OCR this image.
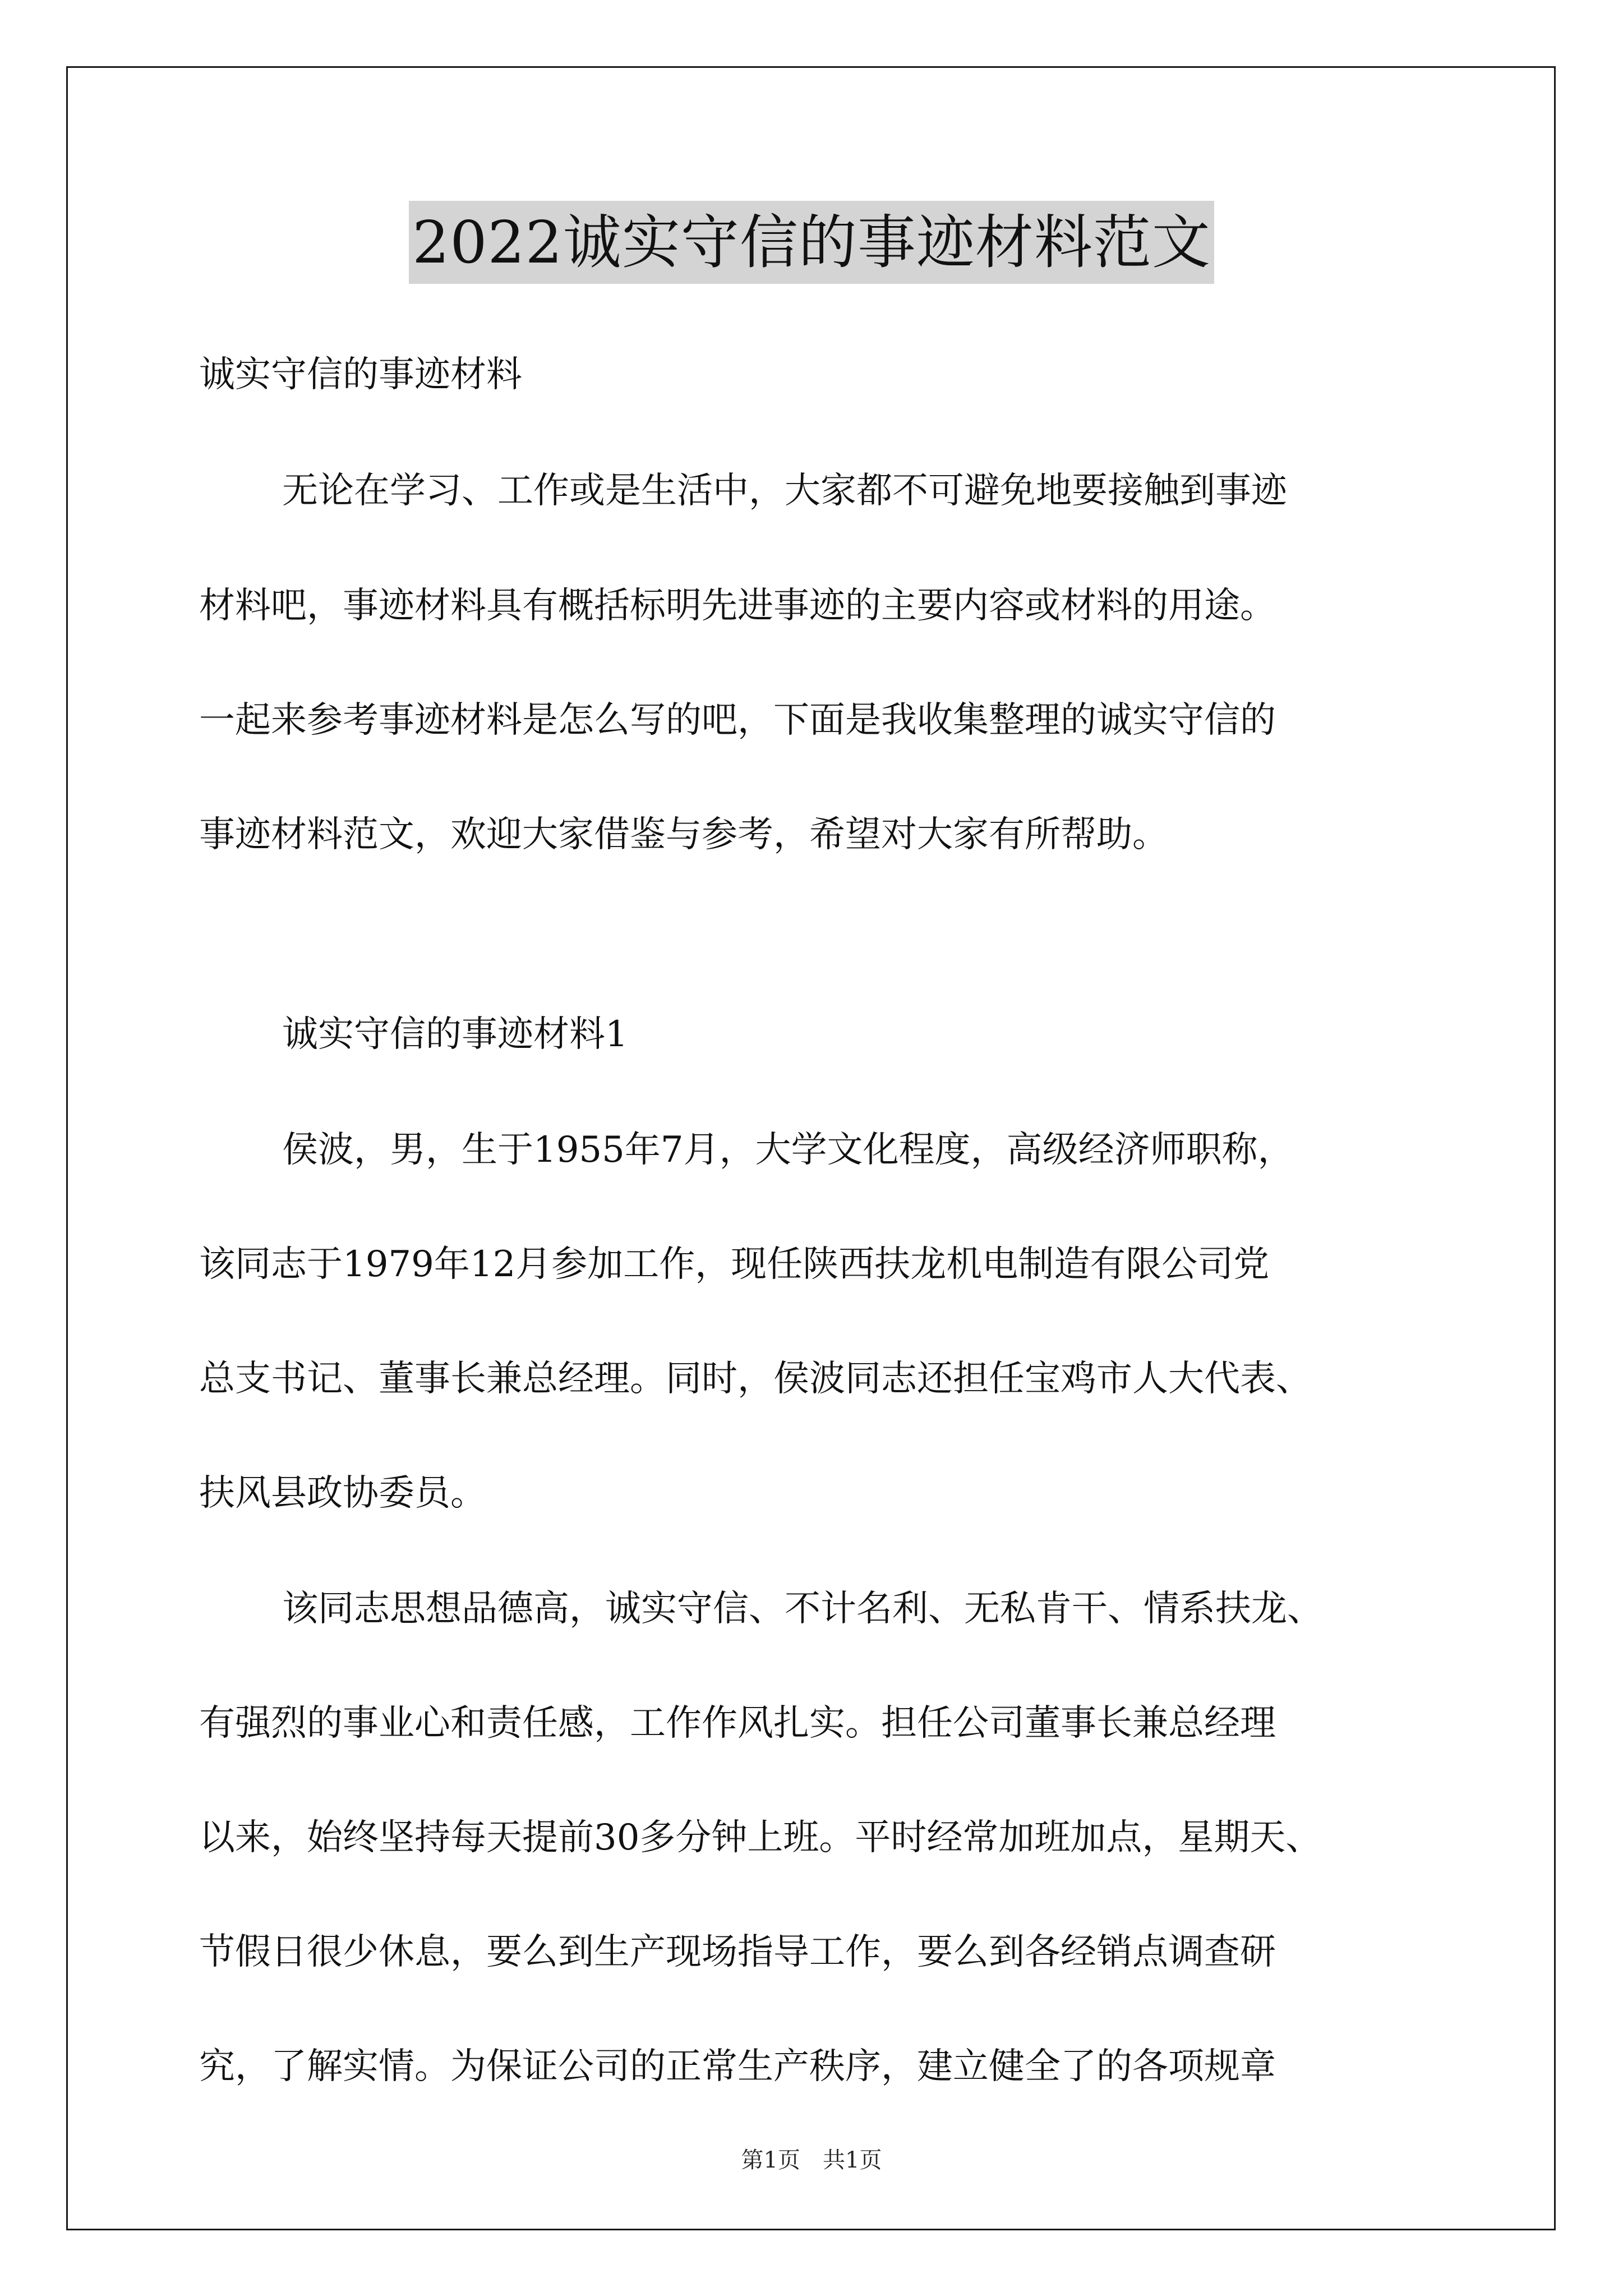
2022诚实守信的事迹材料范文
诚实守信的事迹材料
无论在学习、工作或是生活中，大家都不可避免地要接触到事迹
材料吧，事迹材料具有概括标明先进事迹的主要内容或材料的用途。
一起来参考事迹材料是怎么写的吧，下面是我收集整理的诚实守信的
事迹材料范文，欢迎大家借鉴与参考，希望对大家有所帮助。
诚实守信的事迹材料1
侯波，男，生于1955年7月，大学文化程度，高级经济师职称，
该同志于1979年12月参加工作，现任陕西扶龙机电制造有限公司党
总支书记、董事长兼总经理。同时，侯波同志还担任宝鸡市人大代表、
扶风县政协委员。
该同志思想品德高，诚实守信、不计名利、无私肯干、情系扶龙、
有强烈的事业心和责任感，工作作风扎实。担任公司董事长兼总经理
以来，始终坚持每天提前30多分钟上班。平时经常加班加点，星期天、
节假日很少休息，要么到生产现场指导工作，要么到各经销点调查研
究，了解实情。为保证公司的正常生产秩序，建立健全了的各项规章
第1页　共1页
